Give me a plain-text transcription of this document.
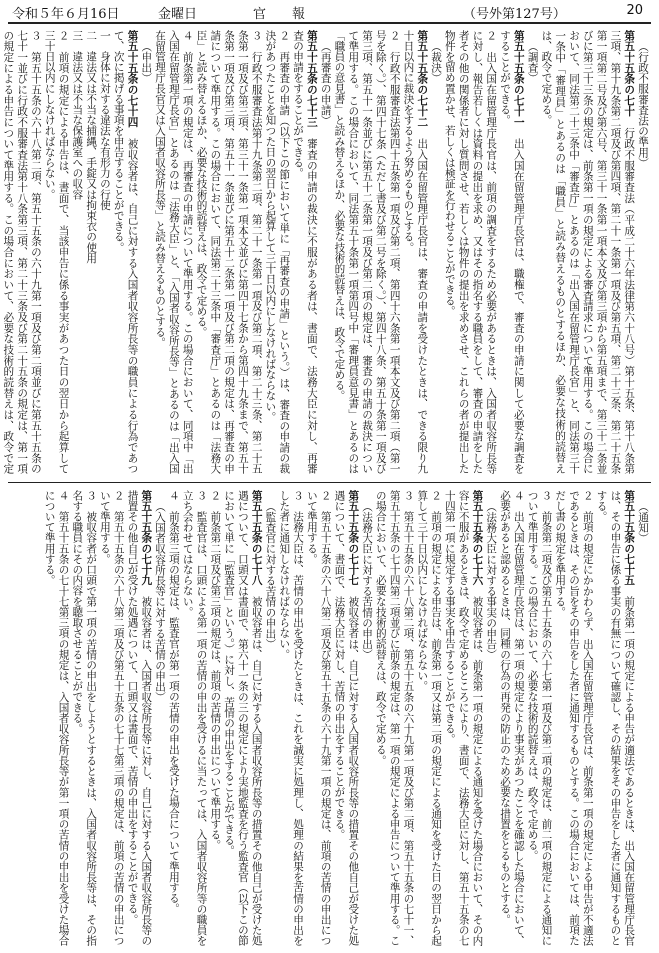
令和５年６月16日	金曜日	官報	（号外第127号）	20
（行政不服審査法の準用）
第五十五条の七十　行政不服審査法（平成二十六年法律第六十八号）第十五条、第十八条第三項、第十九条第二項及び第四項、第二十一条第一項及び第五項、第二十三条、第二十五条第一項第二号及び第六号、第三十一条第一項本文及び第三項から第五項まで、第三十二条並びに第三十三条の規定は、前条第一項の規定による審査請求について準用する。この場合において、同法第二十三条中「審査庁」とあるのは「出入国在留管理庁長官」と、同法第三十一条中「審理員」とあるのは「職員」と読み替えるものとするほか、必要な技術的読替えは、政令で定める。
（調査）
第五十五条の七十一　出入国在留管理庁長官は、職権で、審査の申請に関して必要な調査をすることができる。
２　出入国在留管理庁長官は、前項の調査をするため必要があるときは、入国者収容所長等に対し、報告若しくは資料の提出を求め、又はその指名する職員をして、審査の申請をした者その他の関係者に対し質問させ、若しくは物件の提出を求めさせ、これらの者が提出した物件を留め置かせ、若しくは検証を行わせることができる。
（裁決）
第五十五条の七十二　出入国在留管理庁長官は、審査の申請を受けたときは、できる限り九十日以内に裁決をするよう努めるものとする。
２　行政不服審査法第四十五条第一項及び第二項、第四十六条第一項本文及び第二項（第一号を除く。）、第四十七条（ただし書及び第二号を除く。）、第四十八条、第五十条第一項及び第三項、第五十一条並びに第五十二条第一項及び第二項の規定は、審査の申請の裁決について準用する。この場合において、同法第五十条第一項第四号中「審理員意見書」とあるのは「職員の意見書」と読み替えるほか、必要な技術的読替えは、政令で定める。
（再審査の申請）
第五十五条の七十三　審査の申請の裁決に不服がある者は、書面で、法務大臣に対し、再審査の申請をすることができる。
２　再審査の申請（以下この節において単に「再審査の申請」という。）は、審査の申請の裁決があつたことを知つた日の翌日から起算して三十日以内にしなければならない。
３　行政不服審査法第十九条第二項、第二十一条第一項及び第二項、第二十三条、第二十五条第一項及び第三項、第三十一条第一項本文並びに第四十七条から第四十九条まで、第五十条第一項及び第三項、第五十一条並びに第五十二条第一項及び第二項の規定は、再審査の申請について準用する。この場合において、同法第二十三条中「審査庁」とあるのは「法務大臣」と読み替えるほか、必要な技術的読替えは、政令で定める。
４　前条第一項の規定は、再審査の申請について準用する。この場合において、同項中「出入国在留管理庁長官」とあるのは「法務大臣」と、「入国者収容所長等」とあるのは「出入国在留管理庁長官又は入国者収容所長等」と読み替えるものとする。
（申出）
第五十五条の七十四　被収容者は、自己に対する入国者収容所長等の職員による行為であつて、次に掲げる事項を申告することができる。
一　身体に対する違法な有形力の行使
二　違法又は不当な捕縄、手錠又は拘束衣の使用
三　違法又は不当な保護室への収容
２　前項の規定による申告は、書面で、当該申告に係る事実があつた日の翌日から起算して三十日以内にしなければならない。
３　第五十五条の六十八第二項、第五十五条の六十九第一項及び第二項並びに第五十五条の七十一並びに行政不服審査法第十八条第三項、第二十三条及び第二十五条の規定は、第一項の規定による申告について準用する。この場合において、必要な技術的読替えは、政令で定
（通知）
第五十五条の七十五　前条第一項の規定による申告が適法であるときは、出入国在留管理庁長官は、その申告に係る事実の有無について確認し、その結果をその申告をした者に通知するものとする。
２　前項の規定にかかわらず、出入国在留管理庁長官は、前条第一項の規定による申告が不適法であるときは、その旨をその申告をした者に通知するものとする。この場合においては、前項ただし書の規定を準用する。
３　前条第二項及び第五十五条の六十七第一項及び第二項の規定は、前二項の規定による通知について準用する。この場合において、必要な技術的読替えは、政令で定める。
４　出入国在留管理庁長官は、第一項の規定により事実があつたことを確認した場合において、必要があると認めるときは、同種の行為の再発の防止のため必要な措置をとるものとする。
（法務大臣に対する事実の申告）
第五十五条の七十六　被収容者は、前条第一項の規定による通知を受けた場合において、その内容に不服があるときは、政令で定めるところにより、書面で、法務大臣に対し、第五十五条の七十四第一項に規定する事実を申告することができる。
２　前項の規定による申告は、前条第一項又は第二項の規定による通知を受けた日の翌日から起算して三十日以内にしなければならない。
３　第五十五条の六十八第二項、第五十五条の六十九第一項及び第二項、第五十五条の七十一、第五十五条の七十四第二項並びに前条の規定は、第一項の規定による申告について準用する。この場合において、必要な技術的読替えは、政令で定める。
（法務大臣に対する苦情の申出）
第五十五条の七十七　被収容者は、自己に対する入国者収容所長等の措置その他自己が受けた処遇について、書面で、法務大臣に対し、苦情の申出をすることができる。
２　第五十五条の六十八第二項及び第五十五条の六十九第一項の規定は、前項の苦情の申出について準用する。
３　法務大臣は、苦情の申出を受けたときは、これを誠実に処理し、処理の結果を苦情の申出をした者に通知しなければならない。
（監査官に対する苦情の申出）
第五十五条の七十八　被収容者は、自己に対する入国者収容所長等の措置その他自己が受けた処遇について、口頭又は書面で、第六十一条の三の規定により実地監査を行う監査官（以下この節において単に「監査官」という。）に対し、苦情の申出をすることができる。
２　前条第二項及び第三項の規定は、前項の苦情の申出について準用する。
３　監査官は、口頭による第一項の苦情の申出を受けるに当たっては、入国者収容所等の職員を立ち会わせてはならない。
４　前条第三項の規定は、監査官が第一項の苦情の申出を受けた場合について準用する。
（入国者収容所長等に対する苦情の申出）
第五十五条の七十九　被収容者は、入国者収容所長等に対し、自己に対する入国者収容所長等の措置その他自己が受けた処遇について、口頭又は書面で、苦情の申出をすることができる。
２　第五十五条の六十八第二項及び第五十五条の七十七第三項の規定は、前項の苦情の申出について準用する。
３　被収容者が口頭で第一項の苦情の申出をしようとするときは、入国者収容所長等は、その指名する職員にその内容を聴取させることができる。
４　第五十五条の七十七第三項の規定は、入国者収容所長等が第一項の苦情の申出を受けた場合について準用する。
